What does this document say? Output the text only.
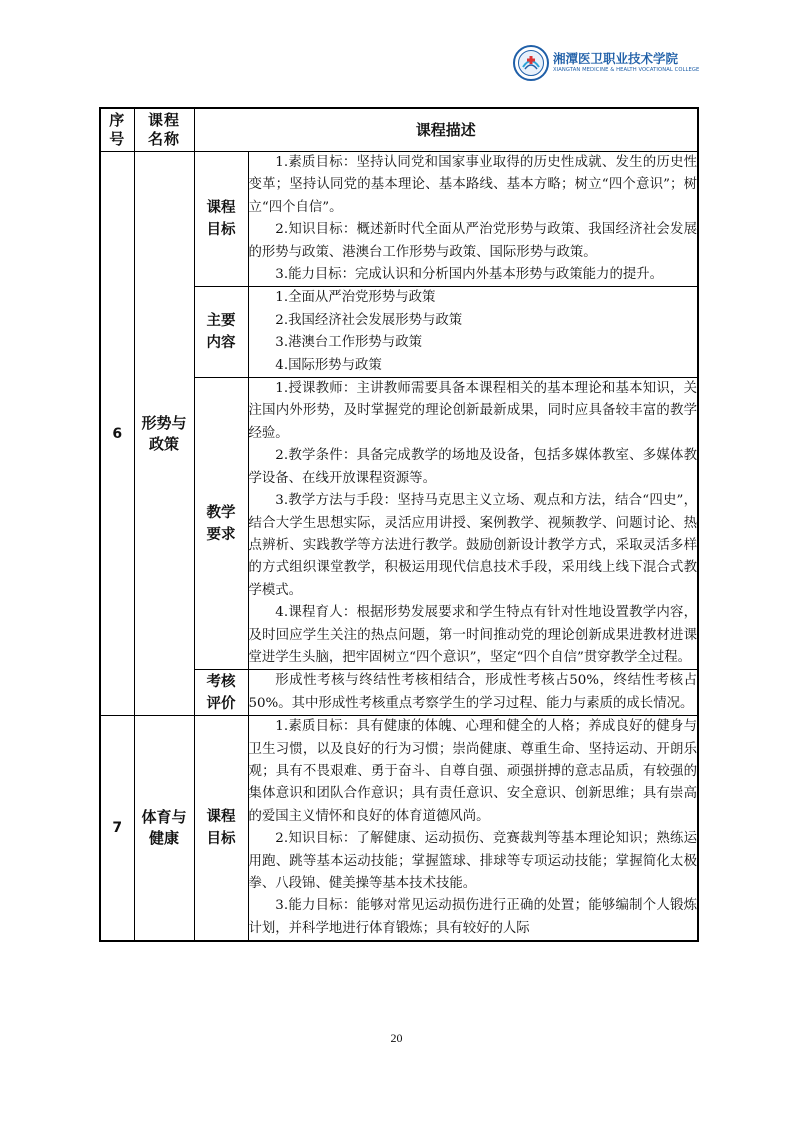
湘潭医卫职业技术学院
XIANGTAN MEDICINE & HEALTH VOCATIONAL COLLEGE
序号	课程名称	课程描述	
6	形势与政策	课程目标	1.素质目标：坚持认同党和国家事业取得的历史性成就、发生的历史性变革；坚持认同党的基本理论、基本路线、基本方略；树立“四个意识”；树立“四个自信”。

2.知识目标：概述新时代全面从严治党形势与政策、我国经济社会发展的形势与政策、港澳台工作形势与政策、国际形势与政策。

3.能力目标：完成认识和分析国内外基本形势与政策能力的提升。

		主要内容	1.全面从严治党形势与政策

2.我国经济社会发展形势与政策

3.港澳台工作形势与政策

4.国际形势与政策

		教学要求	1.授课教师：主讲教师需要具备本课程相关的基本理论和基本知识，关注国内外形势，及时掌握党的理论创新最新成果，同时应具备较丰富的教学经验。

2.教学条件：具备完成教学的场地及设备，包括多媒体教室、多媒体教学设备、在线开放课程资源等。

3.教学方法与手段：坚持马克思主义立场、观点和方法，结合“四史”，结合大学生思想实际，灵活应用讲授、案例教学、视频教学、问题讨论、热点辨析、实践教学等方法进行教学。鼓励创新设计教学方式，采取灵活多样的方式组织课堂教学，积极运用现代信息技术手段，采用线上线下混合式教学模式。

4.课程育人：根据形势发展要求和学生特点有针对性地设置教学内容，及时回应学生关注的热点问题，第一时间推动党的理论创新成果进教材进课堂进学生头脑，把牢固树立“四个意识”，坚定“四个自信”贯穿教学全过程。

		考核评价	形成性考核与终结性考核相结合，形成性考核占50%，终结性考核占50%。其中形成性考核重点考察学生的学习过程、能力与素质的成长情况。

7	体育与健康	课程目标	1.素质目标：具有健康的体魄、心理和健全的人格；养成良好的健身与卫生习惯，以及良好的行为习惯；崇尚健康、尊重生命、坚持运动、开朗乐观；具有不畏艰难、勇于奋斗、自尊自强、顽强拼搏的意志品质，有较强的集体意识和团队合作意识；具有责任意识、安全意识、创新思维；具有崇高的爱国主义情怀和良好的体育道德风尚。

2.知识目标：了解健康、运动损伤、竞赛裁判等基本理论知识；熟练运用跑、跳等基本运动技能；掌握篮球、排球等专项运动技能；掌握简化太极拳、八段锦、健美操等基本技术技能。

3.能力目标：能够对常见运动损伤进行正确的处置；能够编制个人锻炼计划，并科学地进行体育锻炼；具有较好的人际

20
